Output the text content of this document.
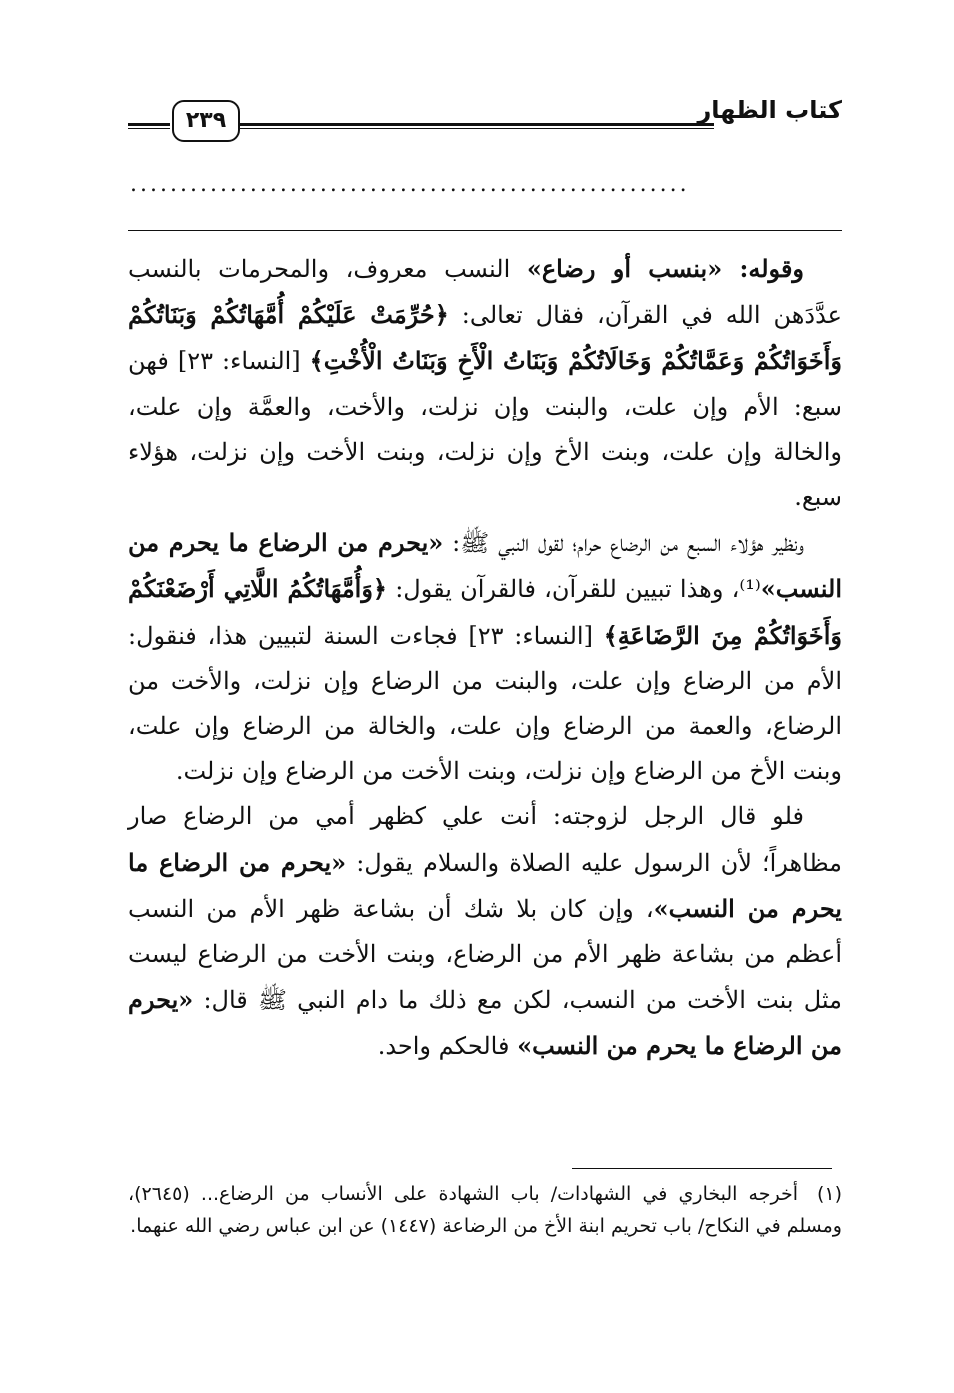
كتاب الظهار
٢٣٩
........................................................

وقوله: «بنسب أو رضاع» النسب معروف، والمحرمات بالنسب عدَّدَهن الله في القرآن، فقال تعالى: ﴿حُرِّمَتْ عَلَيْكُمْ أُمَّهَاتُكُمْ وَبَنَاتُكُمْ وَأَخَوَاتُكُمْ وَعَمَّاتُكُمْ وَخَالَاتُكُمْ وَبَنَاتُ الْأَخِ وَبَنَاتُ الْأُخْتِ﴾ [النساء: ٢٣] فهن سبع: الأم وإن علت، والبنت وإن نزلت، والأخت، والعمَّة وإن علت، والخالة وإن علت، وبنت الأخ وإن نزلت، وبنت الأخت وإن نزلت، هؤلاء سبع.

ونظير هؤلاء السبع من الرضاع حرام؛ لقول النبي ﷺ: «يحرم من الرضاع ما يحرم من النسب»⁽¹⁾، وهذا تبيين للقرآن، فالقرآن يقول: ﴿وَأُمَّهَاتُكُمُ اللَّاتِي أَرْضَعْنَكُمْ وَأَخَوَاتُكُمْ مِنَ الرَّضَاعَةِ﴾ [النساء: ٢٣] فجاءت السنة لتبيين هذا، فنقول: الأم من الرضاع وإن علت، والبنت من الرضاع وإن نزلت، والأخت من الرضاع، والعمة من الرضاع وإن علت، والخالة من الرضاع وإن علت، وبنت الأخ من الرضاع وإن نزلت، وبنت الأخت من الرضاع وإن نزلت.

فلو قال الرجل لزوجته: أنت علي كظهر أمي من الرضاع صار مظاهراً؛ لأن الرسول عليه الصلاة والسلام يقول: «يحرم من الرضاع ما يحرم من النسب»، وإن كان بلا شك أن بشاعة ظهر الأم من النسب أعظم من بشاعة ظهر الأم من الرضاع، وبنت الأخت من الرضاع ليست مثل بنت الأخت من النسب، لكن مع ذلك ما دام النبي ﷺ قال: «يحرم من الرضاع ما يحرم من النسب» فالحكم واحد.

(١)أخرجه البخاري في الشهادات/ باب الشهادة على الأنساب من الرضاع... (٢٦٤٥)، ومسلم في النكاح/ باب تحريم ابنة الأخ من الرضاعة (١٤٤٧) عن ابن عباس رضي الله عنهما.
